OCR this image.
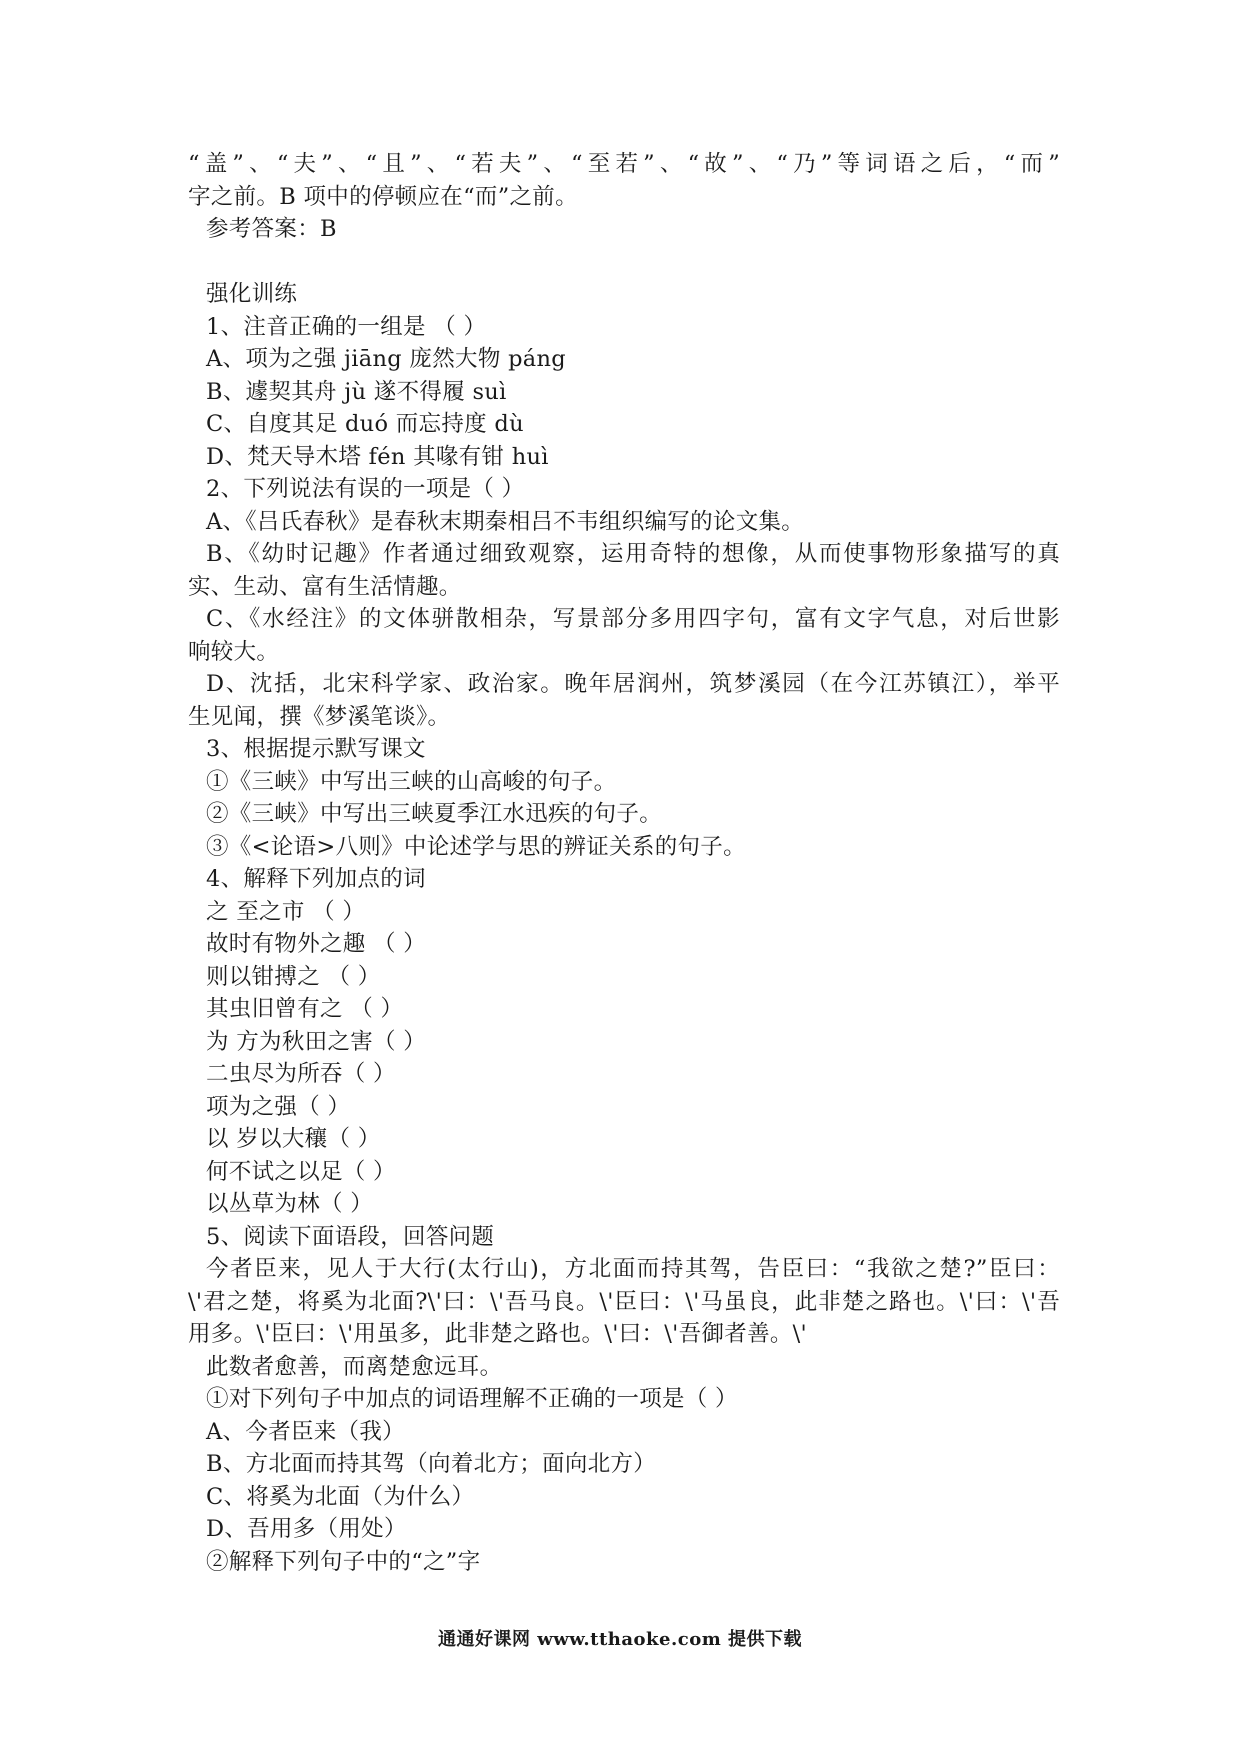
“盖”、“夫”、“且”、“若夫”、“至若”、“故”、“乃”等词语之后，“而”
字之前。B 项中的停顿应在“而”之前。
参考答案：B
强化训练
1、注音正确的一组是 （ ）
A、项为之强 jiāng 庞然大物 páng
B、遽契其舟 jù 遂不得履 suì
C、自度其足 duó 而忘持度 dù
D、梵天导木塔 fén 其喙有钳 huì
2、下列说法有误的一项是（ ）
A、《吕氏春秋》是春秋末期秦相吕不韦组织编写的论文集。
B、《幼时记趣》作者通过细致观察，运用奇特的想像，从而使事物形象描写的真
实、生动、富有生活情趣。
C、《水经注》的文体骈散相杂，写景部分多用四字句，富有文字气息，对后世影
响较大。
D、沈括，北宋科学家、政治家。晚年居润州，筑梦溪园（在今江苏镇江），举平
生见闻，撰《梦溪笔谈》。
3、根据提示默写课文
①《三峡》中写出三峡的山高峻的句子。
②《三峡》中写出三峡夏季江水迅疾的句子。
③《<论语>八则》中论述学与思的辨证关系的句子。
4、解释下列加点的词
之 至之市 （ ）
故时有物外之趣 （ ）
则以钳搏之 （ ）
其虫旧曾有之 （ ）
为 方为秋田之害（ ）
二虫尽为所吞（ ）
项为之强（ ）
以 岁以大穰（ ）
何不试之以足（ ）
以丛草为林（ ）
5、阅读下面语段，回答问题
今者臣来，见人于大行(太行山)，方北面而持其驾，告臣曰：“我欲之楚?”臣曰：
\'君之楚，将奚为北面?\'曰：\'吾马良。\'臣曰：\'马虽良，此非楚之路也。\'曰：\'吾
用多。\'臣曰：\'用虽多，此非楚之路也。\'曰：\'吾御者善。\'
此数者愈善，而离楚愈远耳。
①对下列句子中加点的词语理解不正确的一项是（ ）
A、今者臣来（我）
B、方北面而持其驾（向着北方；面向北方）
C、将奚为北面（为什么）
D、吾用多（用处）
②解释下列句子中的“之”字
通通好课网 www.tthaoke.com 提供下载
